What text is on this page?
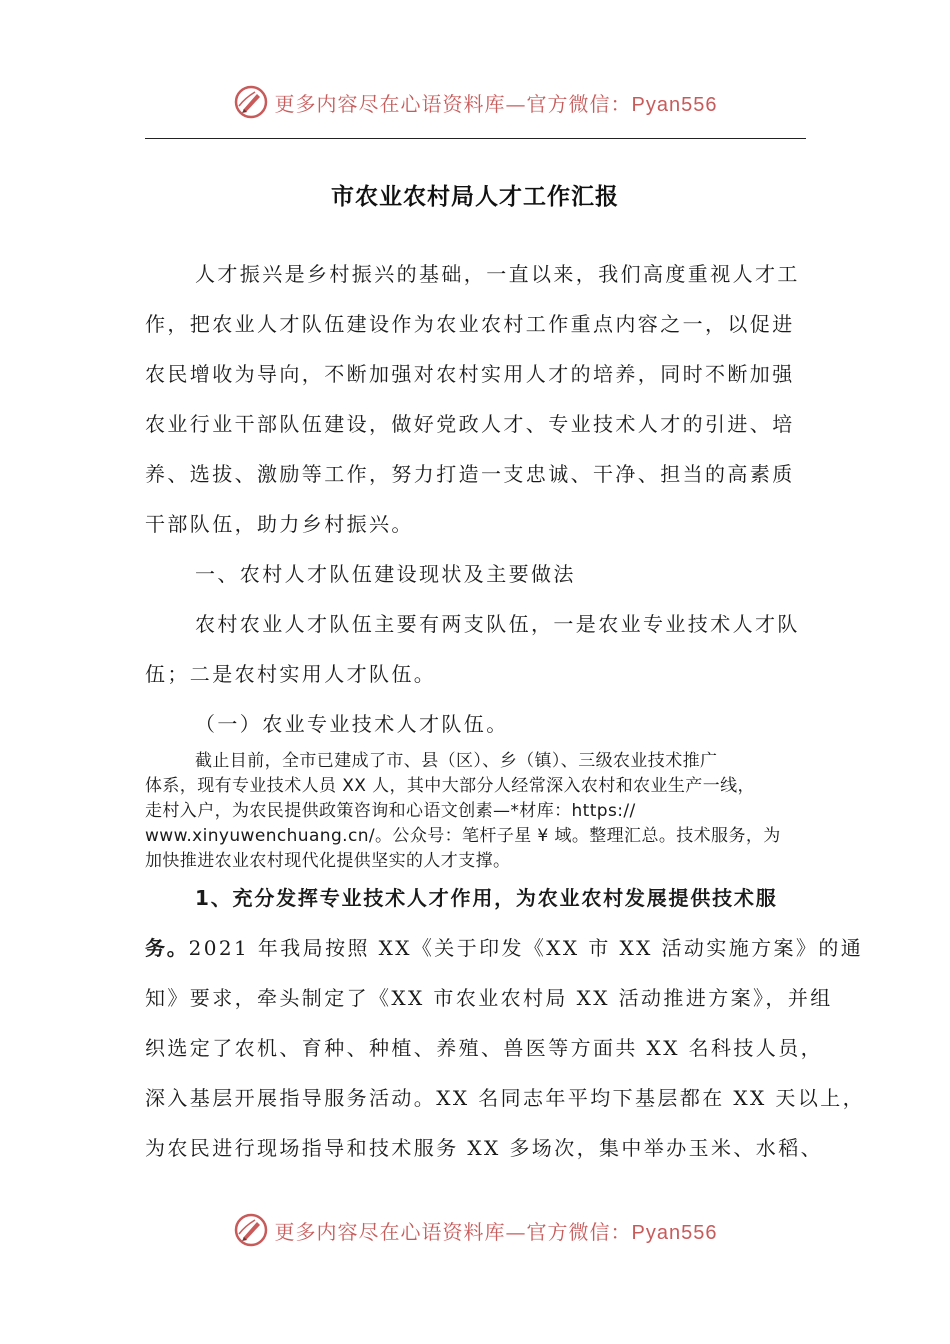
更多内容尽在心语资料库—官方微信：Pyan556
市农业农村局人才工作汇报
人才振兴是乡村振兴的基础，一直以来，我们高度重视人才工
作，把农业人才队伍建设作为农业农村工作重点内容之一，以促进
农民增收为导向，不断加强对农村实用人才的培养，同时不断加强
农业行业干部队伍建设，做好党政人才、专业技术人才的引进、培
养、选拔、激励等工作，努力打造一支忠诚、干净、担当的高素质
干部队伍，助力乡村振兴。
一、农村人才队伍建设现状及主要做法
农村农业人才队伍主要有两支队伍，一是农业专业技术人才队
伍；二是农村实用人才队伍。
（一）农业专业技术人才队伍。
截止目前，全市已建成了市、县（区）、乡（镇）、三级农业技术推广
体系，现有专业技术人员 XX 人，其中大部分人经常深入农村和农业生产一线，
走村入户，为农民提供政策咨询和心语文创素—*材库：https://
www.xinyuwenchuang.cn/。公众号：笔杆子星 ¥ 域。整理汇总。技术服务，为
加快推进农业农村现代化提供坚实的人才支撑。
1、充分发挥专业技术人才作用，为农业农村发展提供技术服
务。2021 年我局按照 XX《关于印发《XX 市 XX 活动实施方案》的通
知》要求，牵头制定了《XX 市农业农村局 XX 活动推进方案》，并组
织选定了农机、育种、种植、养殖、兽医等方面共 XX 名科技人员，
深入基层开展指导服务活动。XX 名同志年平均下基层都在 XX 天以上，
为农民进行现场指导和技术服务 XX 多场次，集中举办玉米、水稻、
更多内容尽在心语资料库—官方微信：Pyan556
